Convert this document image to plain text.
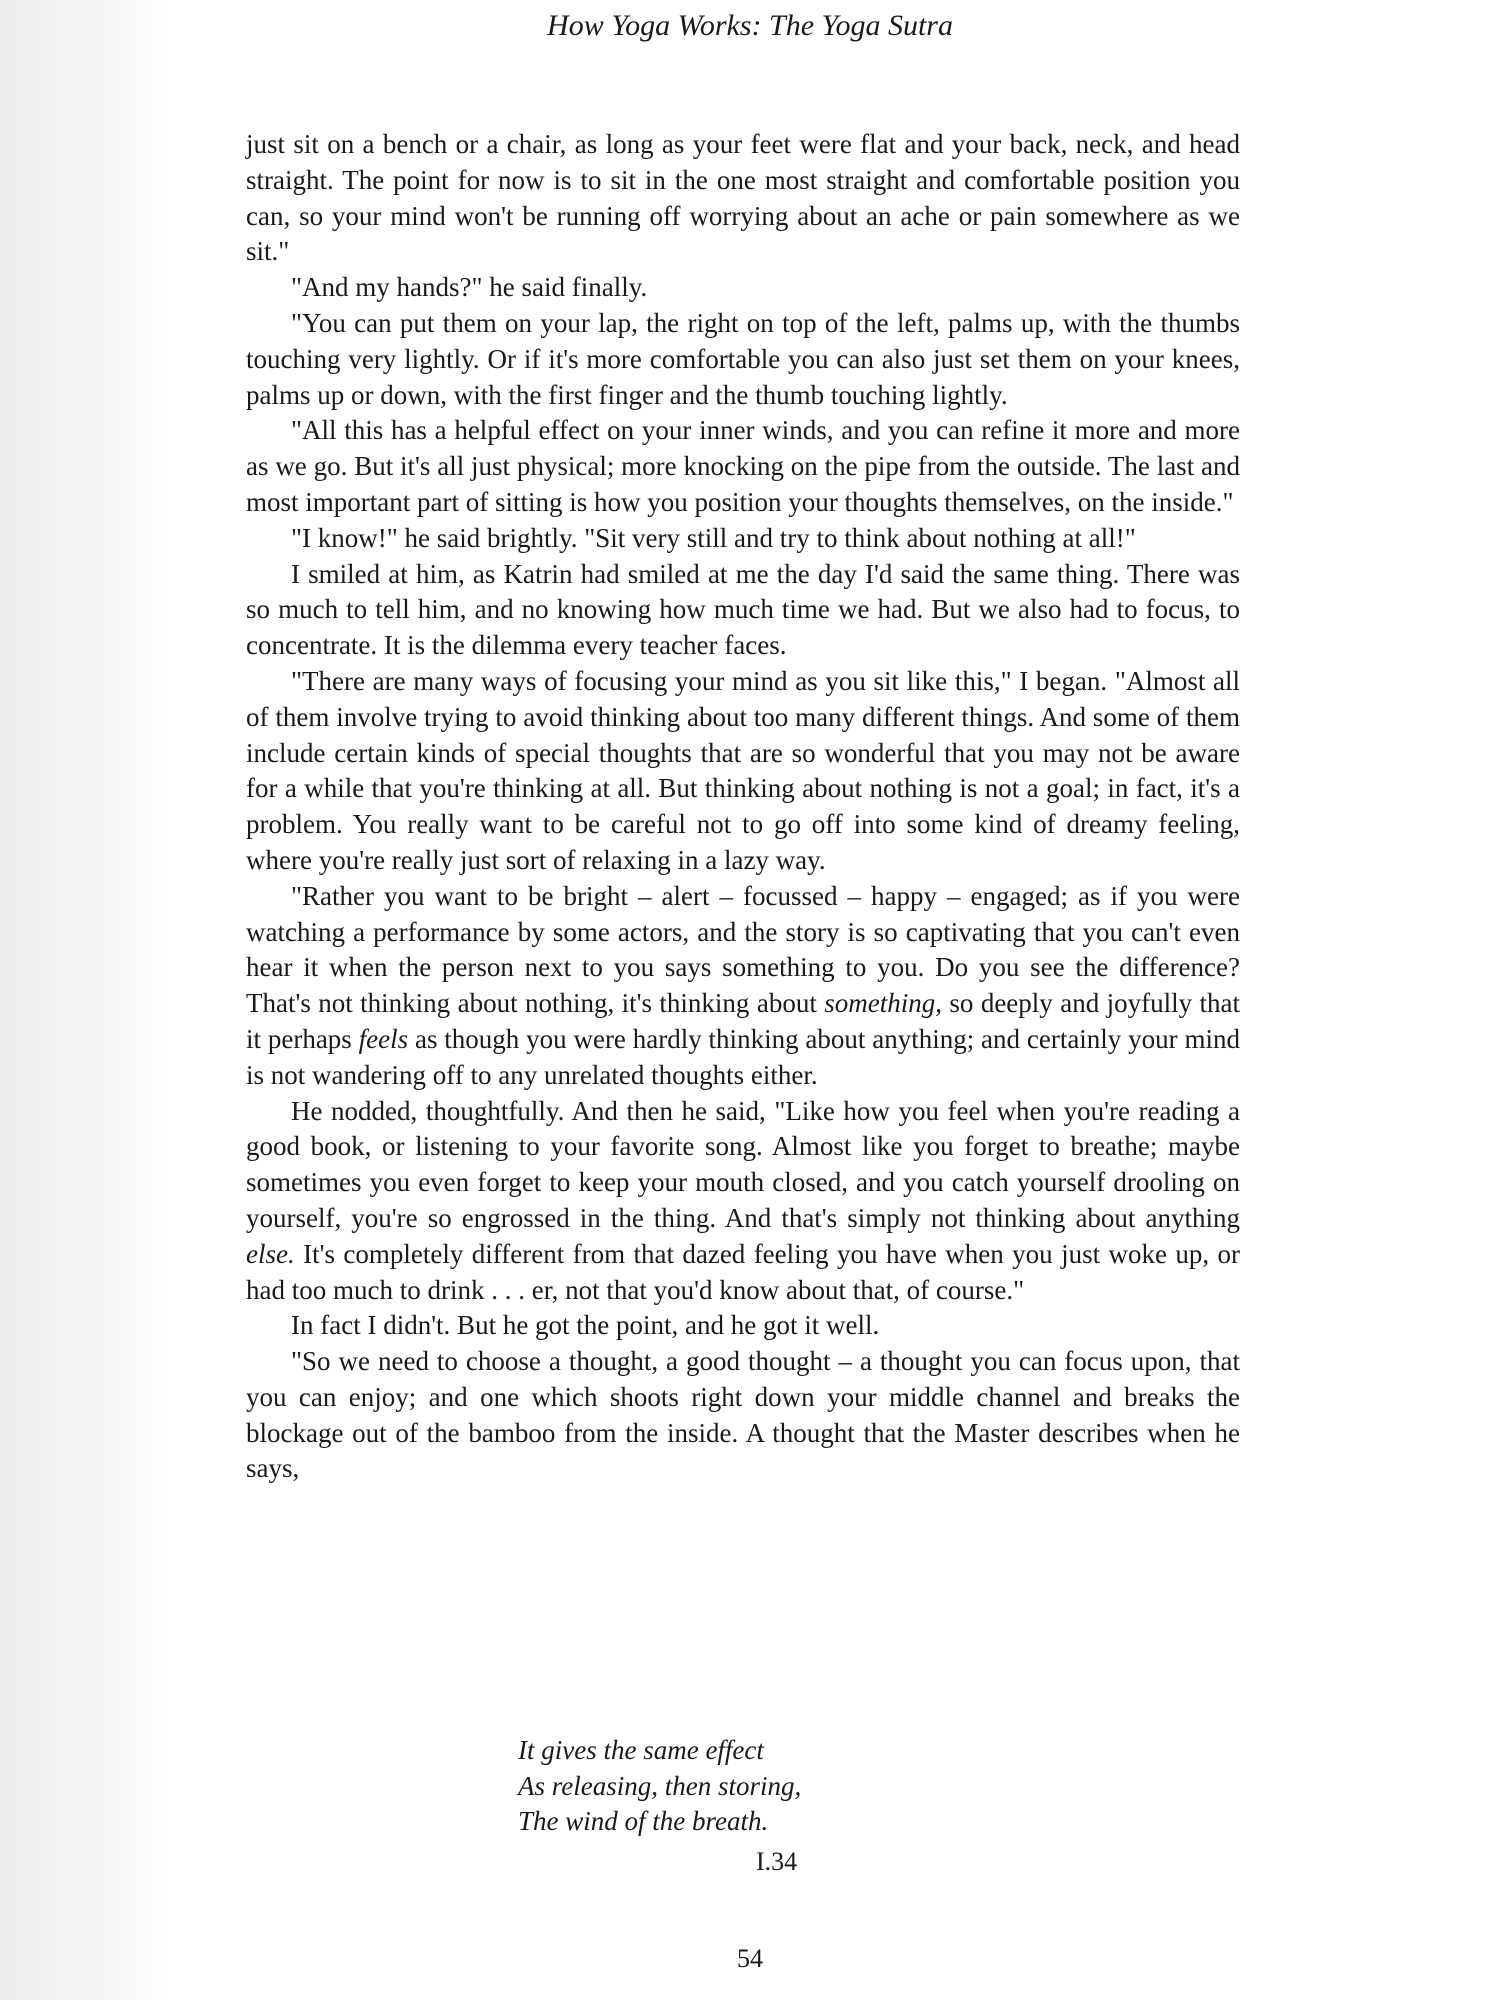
How Yoga Works: The Yoga Sutra

just sit on a bench or a chair, as long as your feet were flat and your back, neck, and head straight. The point for now is to sit in the one most straight and comfortable position you can, so your mind won't be running off worrying about an ache or pain somewhere as we sit."

"And my hands?" he said finally.

"You can put them on your lap, the right on top of the left, palms up, with the thumbs touching very lightly. Or if it's more comfortable you can also just set them on your knees, palms up or down, with the first finger and the thumb touching lightly.

"All this has a helpful effect on your inner winds, and you can refine it more and more as we go. But it's all just physical; more knocking on the pipe from the outside. The last and most important part of sitting is how you position your thoughts themselves, on the inside."

"I know!" he said brightly. "Sit very still and try to think about nothing at all!"

I smiled at him, as Katrin had smiled at me the day I'd said the same thing. There was so much to tell him, and no knowing how much time we had. But we also had to focus, to concentrate. It is the dilemma every teacher faces.

"There are many ways of focusing your mind as you sit like this," I began. "Almost all of them involve trying to avoid thinking about too many different things. And some of them include certain kinds of special thoughts that are so wonderful that you may not be aware for a while that you're thinking at all. But thinking about nothing is not a goal; in fact, it's a problem. You really want to be careful not to go off into some kind of dreamy feeling, where you're really just sort of relaxing in a lazy way.

"Rather you want to be bright – alert – focussed – happy – engaged; as if you were watching a performance by some actors, and the story is so captivating that you can't even hear it when the person next to you says something to you. Do you see the difference? That's not thinking about nothing, it's thinking about something, so deeply and joyfully that it perhaps feels as though you were hardly thinking about anything; and certainly your mind is not wandering off to any unrelated thoughts either.

He nodded, thoughtfully. And then he said, "Like how you feel when you're reading a good book, or listening to your favorite song. Almost like you forget to breathe; maybe sometimes you even forget to keep your mouth closed, and you catch yourself drooling on yourself, you're so engrossed in the thing. And that's simply not thinking about anything else. It's completely different from that dazed feeling you have when you just woke up, or had too much to drink . . . er, not that you'd know about that, of course."

In fact I didn't. But he got the point, and he got it well.

"So we need to choose a thought, a good thought – a thought you can focus upon, that you can enjoy; and one which shoots right down your middle channel and breaks the blockage out of the bamboo from the inside. A thought that the Master describes when he says,

It gives the same effect
As releasing, then storing,
The wind of the breath.
I.34
54
